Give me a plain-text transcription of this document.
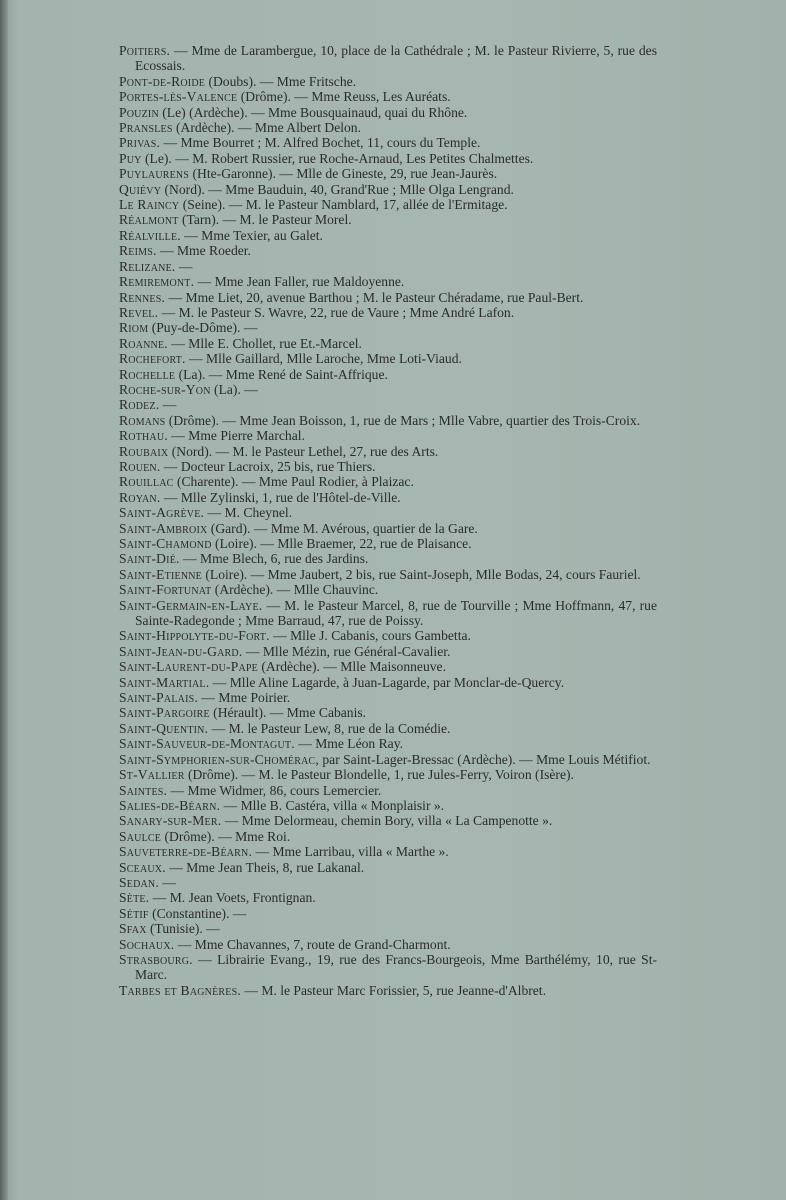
Poitiers. — Mme de Larambergue, 10, place de la Cathédrale ; M. le Pasteur Rivierre, 5, rue des Ecossais.
Pont-de-Roide (Doubs). — Mme Fritsche.
Portes-lès-Valence (Drôme). — Mme Reuss, Les Auréats.
Pouzin (Le) (Ardèche). — Mme Bousquainaud, quai du Rhône.
Pransles (Ardèche). — Mme Albert Delon.
Privas. — Mme Bourret ; M. Alfred Bochet, 11, cours du Temple.
Puy (Le). — M. Robert Russier, rue Roche-Arnaud, Les Petites Chalmettes.
Puylaurens (Hte-Garonne). — Mlle de Gineste, 29, rue Jean-Jaurès.
Quiévy (Nord). — Mme Bauduin, 40, Grand'Rue ; Mlle Olga Lengrand.
Le Raincy (Seine). — M. le Pasteur Namblard, 17, allée de l'Ermitage.
Réalmont (Tarn). — M. le Pasteur Morel.
Réalville. — Mme Texier, au Galet.
Reims. — Mme Roeder.
Relizane. —
Remiremont. — Mme Jean Faller, rue Maldoyenne.
Rennes. — Mme Liet, 20, avenue Barthou ; M. le Pasteur Chéradame, rue Paul-Bert.
Revel. — M. le Pasteur S. Wavre, 22, rue de Vaure ; Mme André Lafon.
Riom (Puy-de-Dôme). —
Roanne. — Mlle E. Chollet, rue Et.-Marcel.
Rochefort. — Mlle Gaillard, Mlle Laroche, Mme Loti-Viaud.
Rochelle (La). — Mme René de Saint-Affrique.
Roche-sur-Yon (La). —
Rodez. —
Romans (Drôme). — Mme Jean Boisson, 1, rue de Mars ; Mlle Vabre, quartier des Trois-Croix.
Rothau. — Mme Pierre Marchal.
Roubaix (Nord). — M. le Pasteur Lethel, 27, rue des Arts.
Rouen. — Docteur Lacroix, 25 bis, rue Thiers.
Rouillac (Charente). — Mme Paul Rodier, à Plaizac.
Royan. — Mlle Zylinski, 1, rue de l'Hôtel-de-Ville.
Saint-Agrève. — M. Cheynel.
Saint-Ambroix (Gard). — Mme M. Avérous, quartier de la Gare.
Saint-Chamond (Loire). — Mlle Braemer, 22, rue de Plaisance.
Saint-Dié. — Mme Blech, 6, rue des Jardins.
Saint-Etienne (Loire). — Mme Jaubert, 2 bis, rue Saint-Joseph, Mlle Bodas, 24, cours Fauriel.
Saint-Fortunat (Ardèche). — Mlle Chauvinc.
Saint-Germain-en-Laye. — M. le Pasteur Marcel, 8, rue de Tourville ; Mme Hoffmann, 47, rue Sainte-Radegonde ; Mme Barraud, 47, rue de Poissy.
Saint-Hippolyte-du-Fort. — Mlle J. Cabanis, cours Gambetta.
Saint-Jean-du-Gard. — Mlle Mézin, rue Général-Cavalier.
Saint-Laurent-du-Pape (Ardèche). — Mlle Maisonneuve.
Saint-Martial. — Mlle Aline Lagarde, à Juan-Lagarde, par Monclar-de-Quercy.
Saint-Palais. — Mme Poirier.
Saint-Pargoire (Hérault). — Mme Cabanis.
Saint-Quentin. — M. le Pasteur Lew, 8, rue de la Comédie.
Saint-Sauveur-de-Montagut. — Mme Léon Ray.
Saint-Symphorien-sur-Chomérac, par Saint-Lager-Bressac (Ardèche). — Mme Louis Métifiot.
St-Vallier (Drôme). — M. le Pasteur Blondelle, 1, rue Jules-Ferry, Voiron (Isère).
Saintes. — Mme Widmer, 86, cours Lemercier.
Salies-de-Béarn. — Mlle B. Castéra, villa « Monplaisir ».
Sanary-sur-Mer. — Mme Delormeau, chemin Bory, villa « La Campenotte ».
Saulce (Drôme). — Mme Roi.
Sauveterre-de-Béarn. — Mme Larribau, villa « Marthe ».
Sceaux. — Mme Jean Theis, 8, rue Lakanal.
Sedan. —
Sète. — M. Jean Voets, Frontignan.
Sétif (Constantine). —
Sfax (Tunisie). —
Sochaux. — Mme Chavannes, 7, route de Grand-Charmont.
Strasbourg. — Librairie Evang., 19, rue des Francs-Bourgeois, Mme Barthélémy, 10, rue St-Marc.
Tarbes et Bagnères. — M. le Pasteur Marc Forissier, 5, rue Jeanne-d'Albret.
